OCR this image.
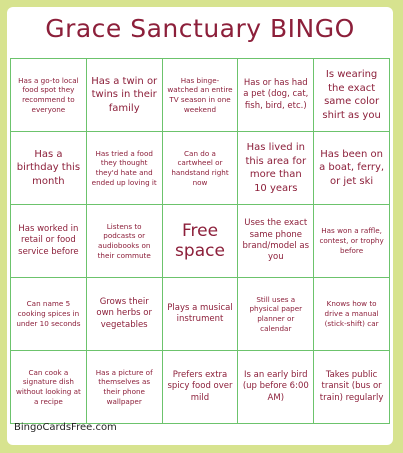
Grace Sanctuary BINGO
Has a go-to local food spot they recommend to everyone
Has a twin or twins in their family
Has binge-watched an entire TV season in one weekend
Has or has had a pet (dog, cat, fish, bird, etc.)
Is wearing the exact same color shirt as you
Has a birthday this month
Has tried a food they thought they'd hate and ended up loving it
Can do a cartwheel or handstand right now
Has lived in this area for more than 10 years
Has been on a boat, ferry, or jet ski
Has worked in retail or food service before
Listens to podcasts or audiobooks on their commute
Free space
Uses the exact same phone brand/model as you
Has won a raffle, contest, or trophy before
Can name 5 cooking spices in under 10 seconds
Grows their own herbs or vegetables
Plays a musical instrument
Still uses a physical paper planner or calendar
Knows how to drive a manual (stick-shift) car
Can cook a signature dish without looking at a recipe
Has a picture of themselves as their phone wallpaper
Prefers extra spicy food over mild
Is an early bird (up before 6:00 AM)
Takes public transit (bus or train) regularly
BingoCardsFree.com
